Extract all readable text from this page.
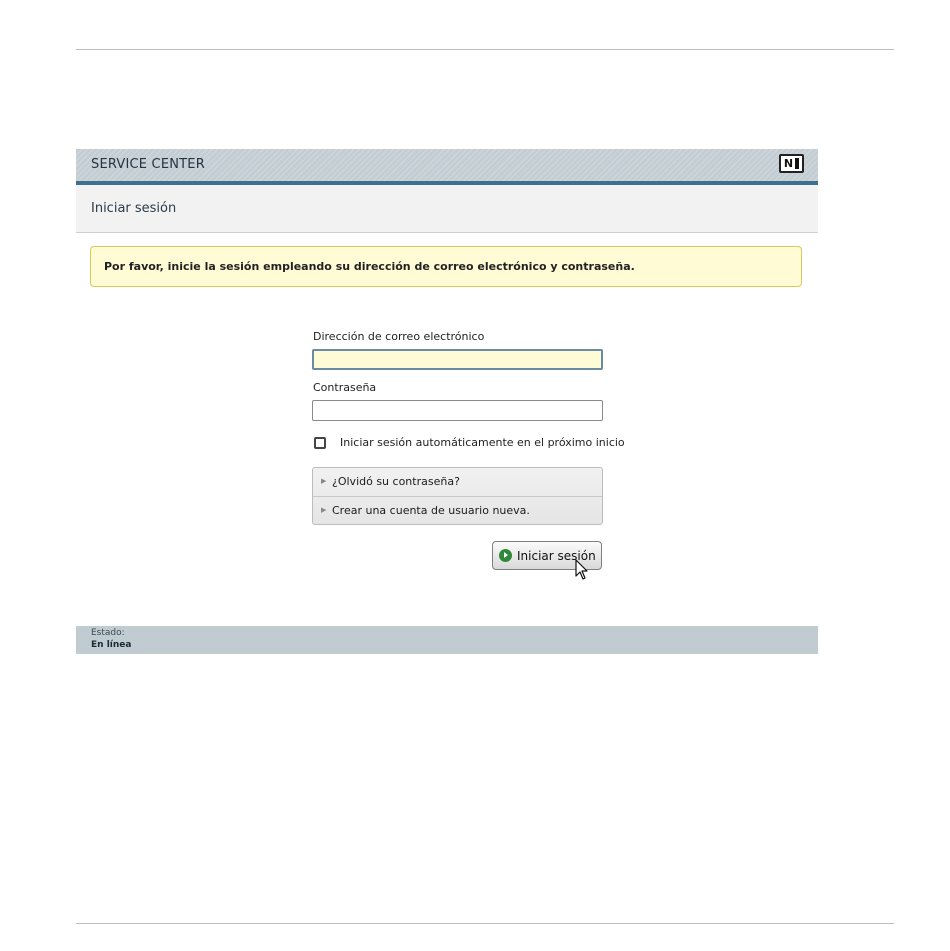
SERVICE CENTER	N
Iniciar sesión
Por favor, inicie la sesión empleando su dirección de correo electrónico y contraseña.
Dirección de correo electrónico
Contraseña
Iniciar sesión automáticamente en el próximo inicio
▶ ¿Olvidó su contraseña?
▶ Crear una cuenta de usuario nueva.
Iniciar sesión
Estado:
En línea
